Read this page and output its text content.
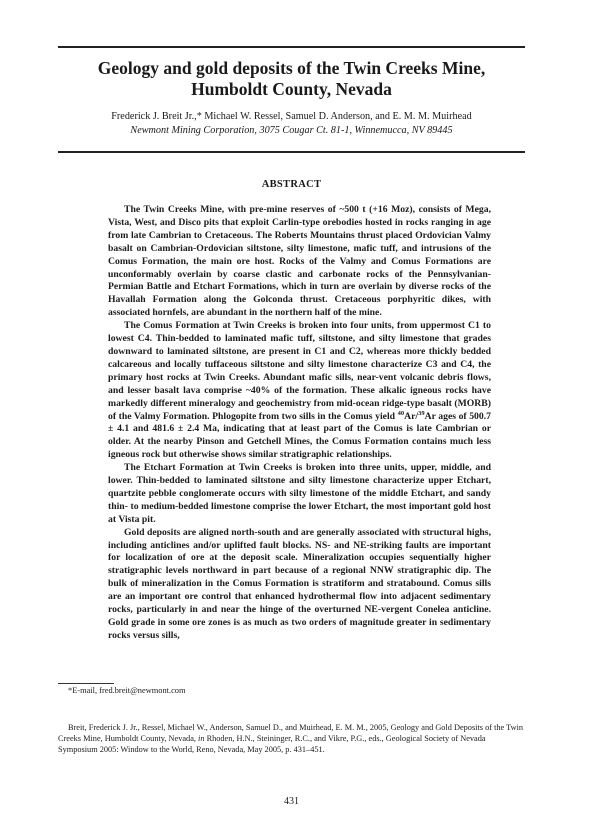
Geology and gold deposits of the Twin Creeks Mine,
Humboldt County, Nevada
Frederick J. Breit Jr.,* Michael W. Ressel, Samuel D. Anderson, and E. M. M. Muirhead
Newmont Mining Corporation, 3075 Cougar Ct. 81-1, Winnemucca, NV 89445
ABSTRACT

The Twin Creeks Mine, with pre-mine reserves of ~500 t (+16 Moz), consists of Mega, Vista, West, and Disco pits that exploit Carlin-type orebodies hosted in rocks ranging in age from late Cambrian to Cretaceous. The Roberts Mountains thrust placed Ordovician Valmy basalt on Cambrian-Ordovician siltstone, silty limestone, mafic tuff, and intrusions of the Comus Formation, the main ore host. Rocks of the Valmy and Comus Formations are unconformably overlain by coarse clastic and carbonate rocks of the Pennsylvanian-Permian Battle and Etchart Formations, which in turn are overlain by diverse rocks of the Havallah Formation along the Golconda thrust. Cretaceous porphyritic dikes, with associated hornfels, are abundant in the northern half of the mine.

The Comus Formation at Twin Creeks is broken into four units, from uppermost C1 to lowest C4. Thin-bedded to laminated mafic tuff, siltstone, and silty limestone that grades downward to laminated siltstone, are present in C1 and C2, whereas more thickly bedded calcareous and locally tuffaceous siltstone and silty limestone characterize C3 and C4, the primary host rocks at Twin Creeks. Abundant mafic sills, near-vent volcanic debris flows, and lesser basalt lava comprise ~40% of the formation. These alkalic igneous rocks have markedly different mineralogy and geochemistry from mid-ocean ridge-type basalt (MORB) of the Valmy Formation. Phlogopite from two sills in the Comus yield $^{40}$Ar/$^{39}$Ar ages of 500.7 ± 4.1 and 481.6 ± 2.4 Ma, indicating that at least part of the Comus is late Cambrian or older. At the nearby Pinson and Getchell Mines, the Comus Formation contains much less igneous rock but otherwise shows similar stratigraphic relationships.

The Etchart Formation at Twin Creeks is broken into three units, upper, middle, and lower. Thin-bedded to laminated siltstone and silty limestone characterize upper Etchart, quartzite pebble conglomerate occurs with silty limestone of the middle Etchart, and sandy thin- to medium-bedded limestone comprise the lower Etchart, the most important gold host at Vista pit.

Gold deposits are aligned north-south and are generally associated with structural highs, including anticlines and/or uplifted fault blocks. NS- and NE-striking faults are important for localization of ore at the deposit scale. Mineralization occupies sequentially higher stratigraphic levels northward in part because of a regional NNW stratigraphic dip. The bulk of mineralization in the Comus Formation is stratiform and stratabound. Comus sills are an important ore control that enhanced hydrothermal flow into adjacent sedimentary rocks, particularly in and near the hinge of the overturned NE-vergent Conelea anticline. Gold grade in some ore zones is as much as two orders of magnitude greater in sedimentary rocks versus sills,

*E-mail, fred.breit@newmont.com
Breit, Frederick J. Jr., Ressel, Michael W., Anderson, Samuel D., and Muirhead, E. M. M., 2005, Geology and Gold Deposits of the Twin Creeks Mine, Humboldt County, Nevada, in Rhoden, H.N., Steininger, R.C., and Vikre, P.G., eds., Geological Society of Nevada Symposium 2005: Window to the World, Reno, Nevada, May 2005, p. 431–451.
431
